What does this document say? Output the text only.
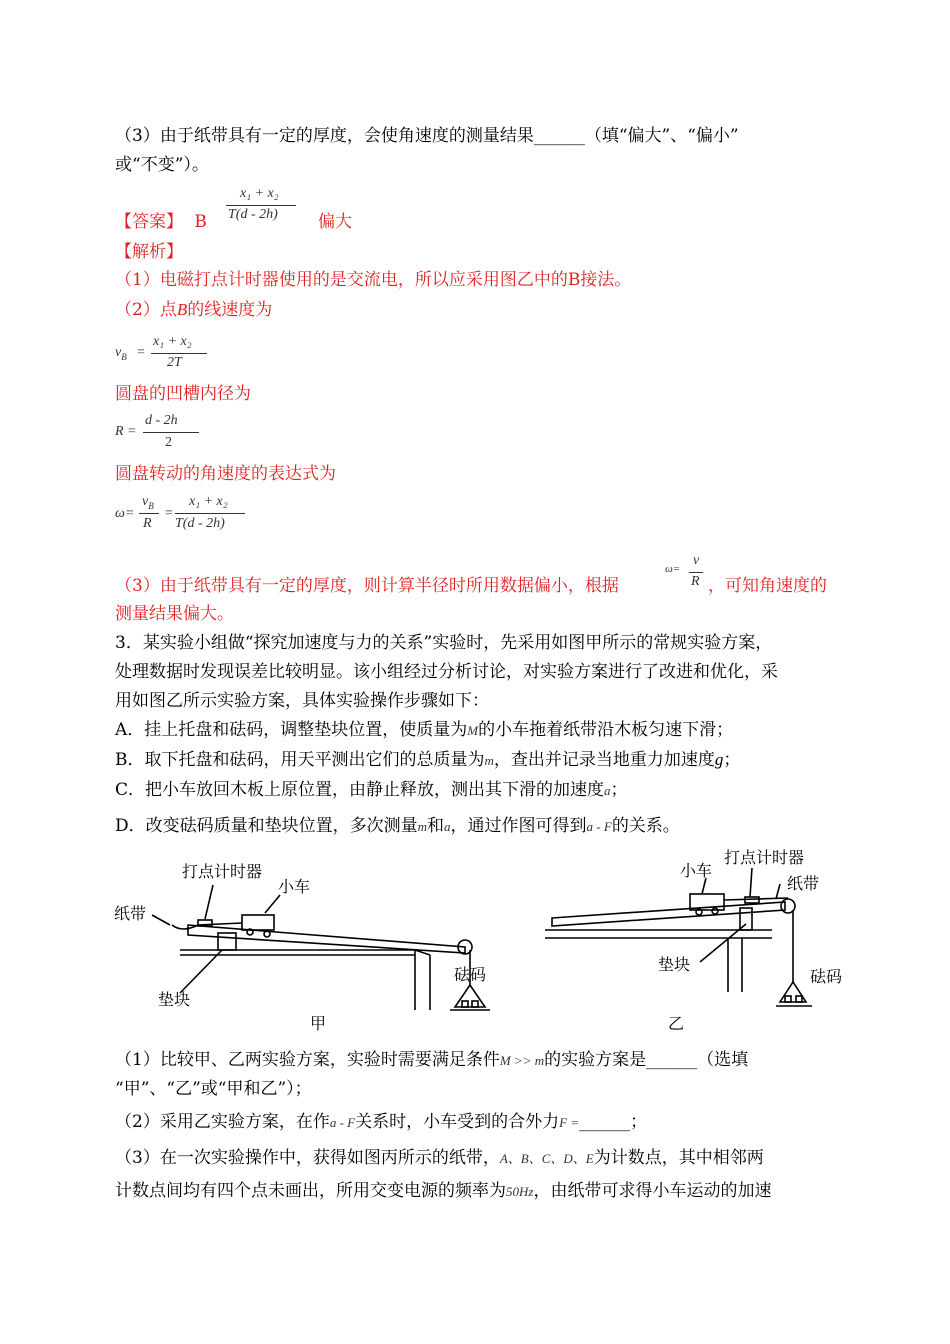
（3）由于纸带具有一定的厚度，会使角速度的测量结果______（填“偏大”、“偏小”
或“不变”）。
【答案】 B
x₁ + x₂
T(d - 2h) 偏大
【解析】
（1）电磁打点计时器使用的是交流电，所以应采用图乙中的B接法。
（2）点B的线速度为
$v_B$ =
x₁ + x₂
2T
圆盘的凹槽内径为
R =
d - 2h
2
圆盘转动的角速度的表达式为
ω=
$v_B$
R
=
x₁ + x₂
T(d - 2h)
（3）由于纸带具有一定的厚度，则计算半径时所用数据偏小，根据
ω=
v
R ，可知角速度的
测量结果偏大。
3．某实验小组做“探究加速度与力的关系”实验时，先采用如图甲所示的常规实验方案，
处理数据时发现误差比较明显。该小组经过分析讨论，对实验方案进行了改进和优化，采
用如图乙所示实验方案，具体实验操作步骤如下：
A．挂上托盘和砝码，调整垫块位置，使质量为M的小车拖着纸带沿木板匀速下滑；
B．取下托盘和砝码，用天平测出它们的总质量为m，查出并记录当地重力加速度g；
C．把小车放回木板上原位置，由静止释放，测出其下滑的加速度a；
D．改变砝码质量和垫块位置，多次测量m和a，通过作图可得到a - F的关系。
打点计时器
小车
纸带
垫块
砝码
甲
小车
打点计时器
纸带
垫块
砝码
乙
（1）比较甲、乙两实验方案，实验时需要满足条件M >> m的实验方案是______（选填
“甲”、“乙”或“甲和乙”）；
（2）采用乙实验方案，在作a - F关系时，小车受到的合外力F =______；
（3）在一次实验操作中，获得如图丙所示的纸带，A、B、C、D、E为计数点，其中相邻两
计数点间均有四个点未画出，所用交变电源的频率为50Hz，由纸带可求得小车运动的加速
